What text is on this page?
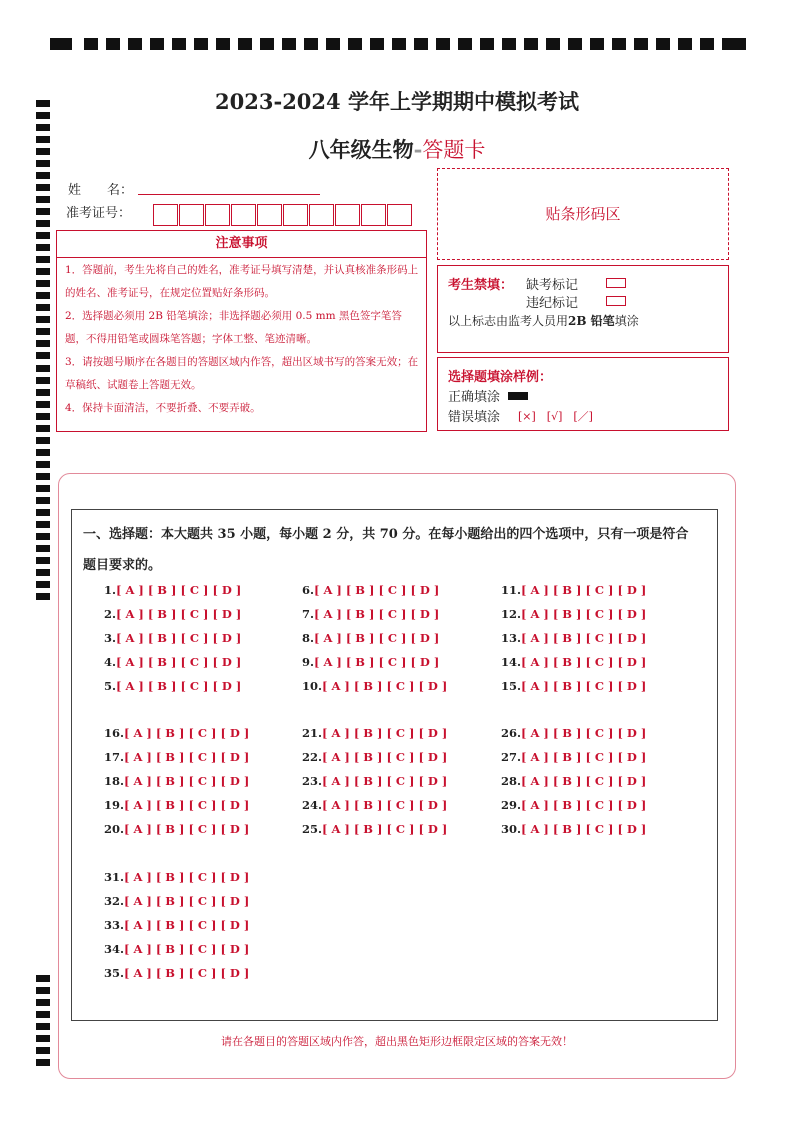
2023-2024 学年上学期期中模拟考试
八年级生物-答题卡
姓　　名：
准考证号：	贴条形码区
注意事项
1．答题前，考生先将自己的姓名，准考证号填写清楚，并认真核准条形码上的姓名、准考证号，在规定位置贴好条形码。
2．选择题必须用 2B 铅笔填涂；非选择题必须用 0.5 mm 黑色签字笔答题，不得用铅笔或圆珠笔答题；字体工整、笔迹清晰。
3．请按题号顺序在各题目的答题区域内作答，超出区域书写的答案无效；在草稿纸、试题卷上答题无效。
4．保持卡面清洁，不要折叠、不要弄破。
考生禁填： 缺考标记
违纪标记
以上标志由监考人员用2B 铅笔填涂
选择题填涂样例：
正确填涂
错误填涂 [×]　[√]　[／]
一、选择题：本大题共 35 小题，每小题 2 分，共 70 分。在每小题给出的四个选项中，只有一项是符合
题目要求的。
1.[ A ] [ B ] [ C ] [ D ]
2.[ A ] [ B ] [ C ] [ D ]
3.[ A ] [ B ] [ C ] [ D ]
4.[ A ] [ B ] [ C ] [ D ]
5.[ A ] [ B ] [ C ] [ D ]
6.[ A ] [ B ] [ C ] [ D ]
7.[ A ] [ B ] [ C ] [ D ]
8.[ A ] [ B ] [ C ] [ D ]
9.[ A ] [ B ] [ C ] [ D ]
10.[ A ] [ B ] [ C ] [ D ]
11.[ A ] [ B ] [ C ] [ D ]
12.[ A ] [ B ] [ C ] [ D ]
13.[ A ] [ B ] [ C ] [ D ]
14.[ A ] [ B ] [ C ] [ D ]
15.[ A ] [ B ] [ C ] [ D ]
16.[ A ] [ B ] [ C ] [ D ]
17.[ A ] [ B ] [ C ] [ D ]
18.[ A ] [ B ] [ C ] [ D ]
19.[ A ] [ B ] [ C ] [ D ]
20.[ A ] [ B ] [ C ] [ D ]
21.[ A ] [ B ] [ C ] [ D ]
22.[ A ] [ B ] [ C ] [ D ]
23.[ A ] [ B ] [ C ] [ D ]
24.[ A ] [ B ] [ C ] [ D ]
25.[ A ] [ B ] [ C ] [ D ]
26.[ A ] [ B ] [ C ] [ D ]
27.[ A ] [ B ] [ C ] [ D ]
28.[ A ] [ B ] [ C ] [ D ]
29.[ A ] [ B ] [ C ] [ D ]
30.[ A ] [ B ] [ C ] [ D ]
31.[ A ] [ B ] [ C ] [ D ]
32.[ A ] [ B ] [ C ] [ D ]
33.[ A ] [ B ] [ C ] [ D ]
34.[ A ] [ B ] [ C ] [ D ]
35.[ A ] [ B ] [ C ] [ D ]
请在各题目的答题区域内作答，超出黑色矩形边框限定区域的答案无效！
